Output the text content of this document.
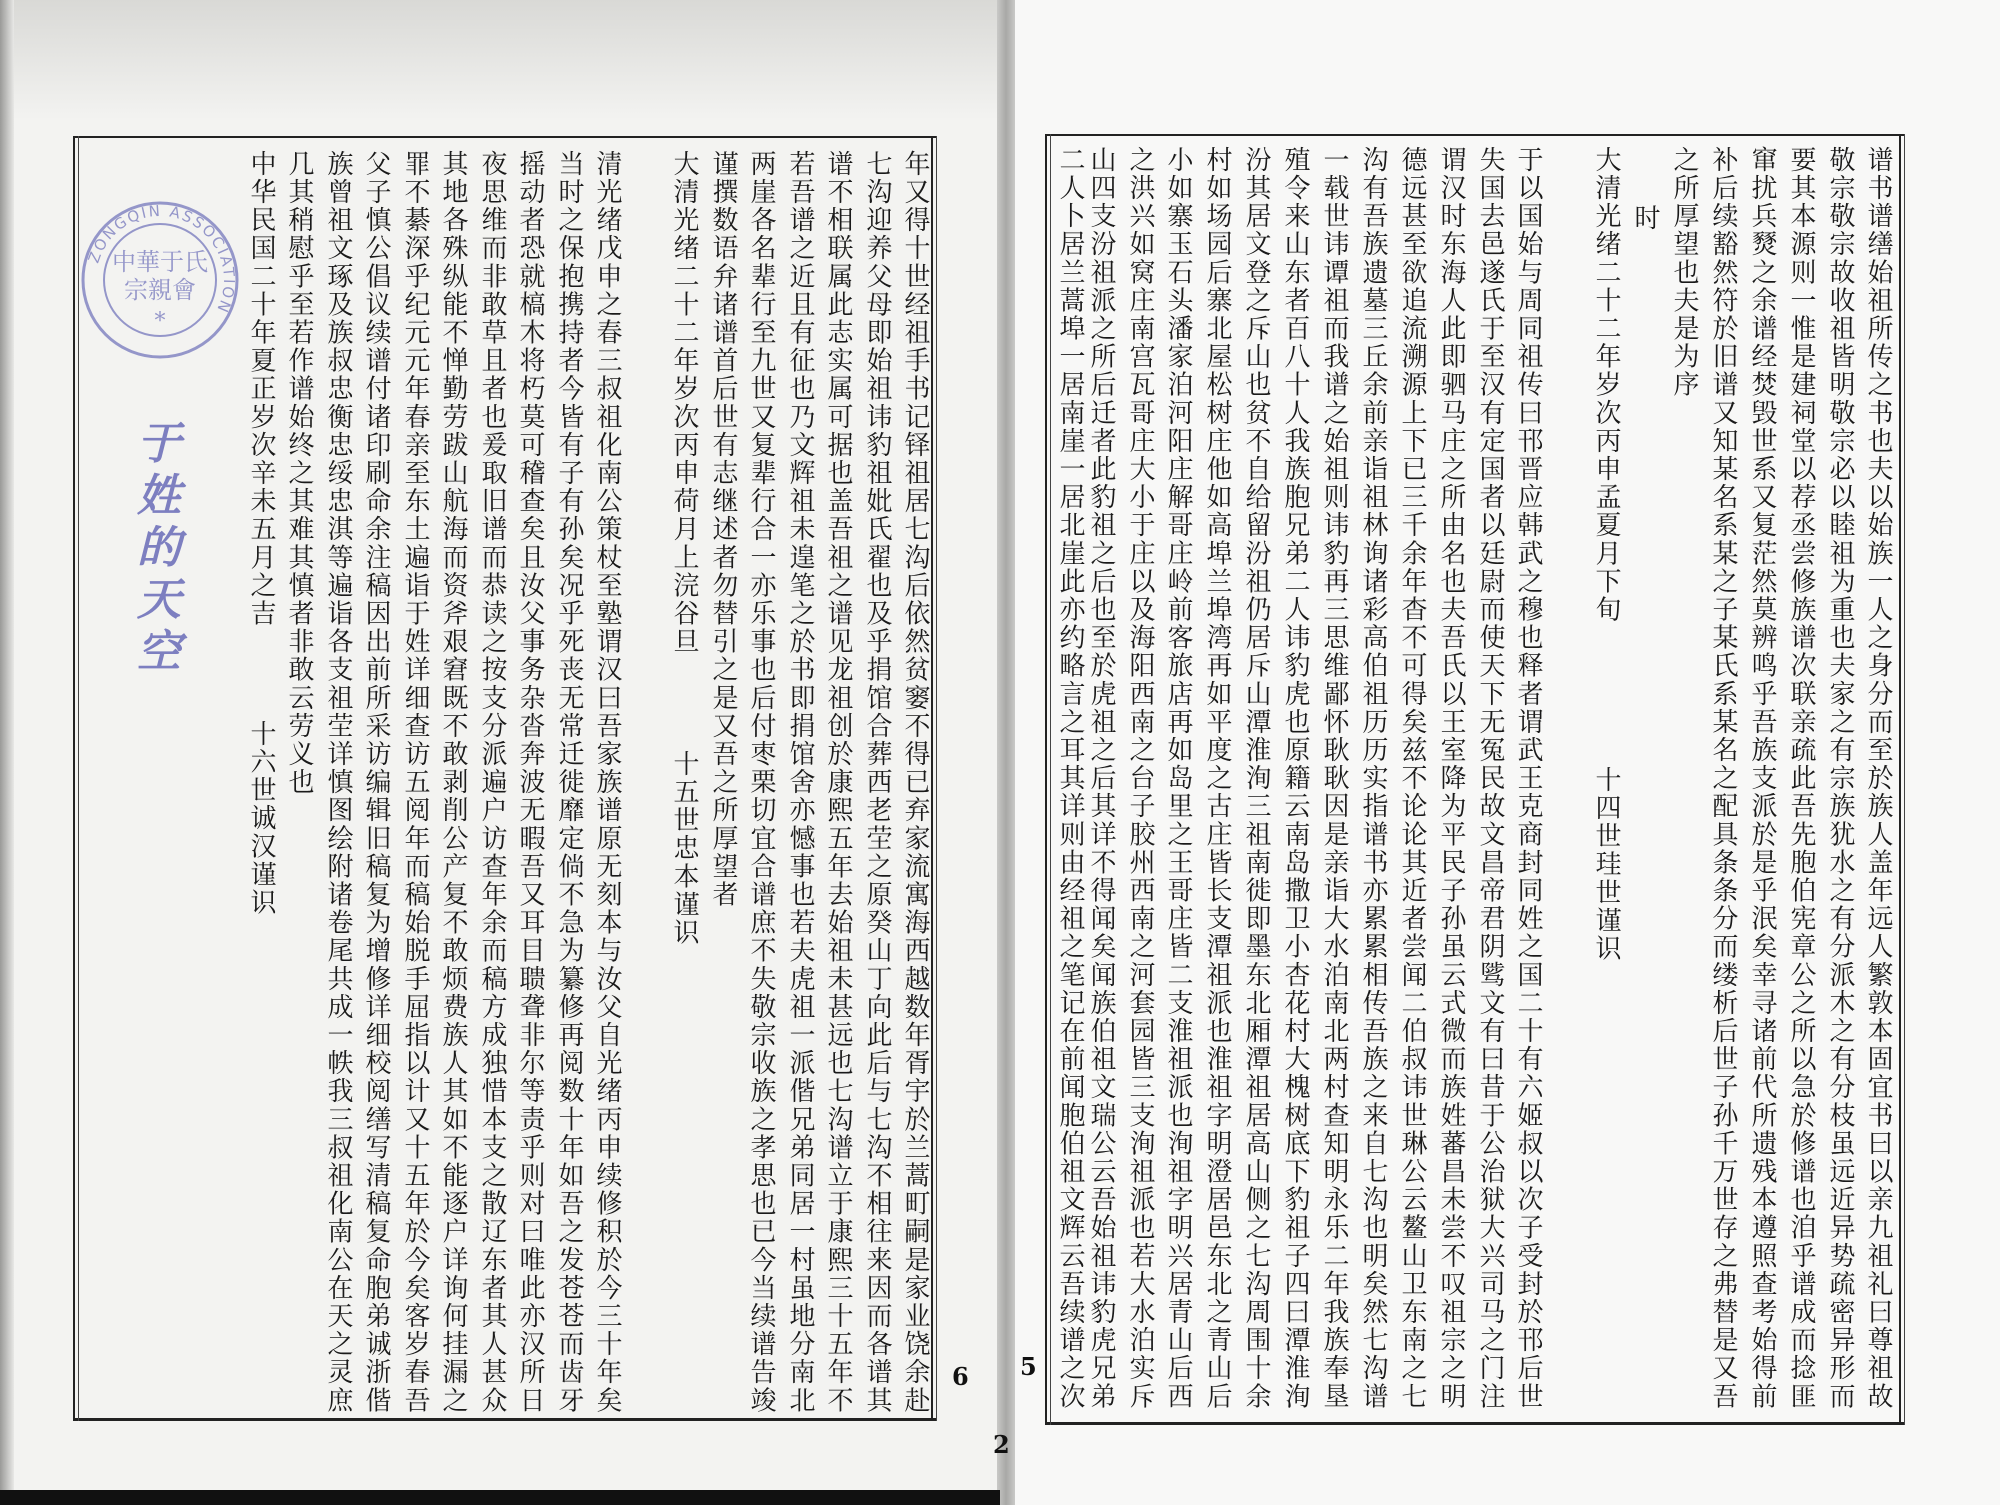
谱书谱缮始祖所传之书也夫以始族一人之身分而至於族人盖年远人繁敦本固宜书曰以亲九祖礼曰尊祖故
敬宗敬宗故收祖皆明敬宗必以睦祖为重也夫家之有宗族犹水之有分派木之有分枝虽远近异势疏密异形而
要其本源则一惟是建祠堂以荐丞尝修族谱次联亲疏此吾先胞伯宪章公之所以急於修谱也洎乎谱成而捻匪
窜扰兵燹之余谱经焚毁世系又复茫然莫辨鸣乎吾族支派於是乎泯矣幸寻诸前代所遗残本遵照查考始得前
补后续豁然符於旧谱又知某名系某之子某氏系某名之配具条条分而缕析后世子孙千万世存之弗替是又吾
之所厚望也夫是为序
时
大清光绪二十二年岁次丙申孟夏月下旬
十四世珪世谨识
于以国始与周同祖传曰邗晋应韩武之穆也释者谓武王克商封同姓之国二十有六姬叔以次子受封於邗后世
失国去邑遂氏于至汉有定国者以廷尉而使天下无冤民故文昌帝君阴骘文有曰昔于公治狱大兴司马之门注
谓汉时东海人此即驷马庄之所由名也夫吾氏以王室降为平民子孙虽云式微而族姓蕃昌未尝不叹祖宗之明
德远甚至欲追流溯源上下已三千余年杳不可得矣兹不论论其近者尝闻二伯叔讳世琳公云鳌山卫东南之七
沟有吾族遗墓三丘余前亲诣祖林询诸彩高伯祖历历实指谱书亦累累相传吾族之来自七沟也明矣然七沟谱
一载世讳谭祖而我谱之始祖则讳豹再三思维鄙怀耿耿因是亲诣大水泊南北两村查知明永乐二年我族奉垦
殖令来山东者百八十人我族胞兄弟二人讳豹虎也原籍云南岛撒卫小杏花村大槐树底下豹祖子四曰潭淮洵
汾其居文登之斥山也贫不自给留汾祖仍居斥山潭淮洵三祖南徙即墨东北厢潭祖居高山侧之七沟周围十余
村如场园后寨北屋松树庄他如高埠兰埠湾再如平度之古庄皆长支潭祖派也淮祖字明澄居邑东北之青山后
小如寨玉石头潘家泊河阳庄解哥庄岭前客旅店再如岛里之王哥庄皆二支淮祖派也洵祖字明兴居青山后西
之洪兴如窝庄南宫瓦哥庄大小于庄以及海阳西南之台子胶州西南之河套园皆三支洵祖派也若大水泊实斥
山四支汾祖派之所后迁者此豹祖之后也至於虎祖之后其详不得闻矣闻族伯祖文瑞公云吾始祖讳豹虎兄弟
二人卜居兰蒿埠一居南崖一居北崖此亦约略言之耳其详则由经祖之笔记在前闻胞伯祖文辉云吾续谱之次
年又得十世经祖手书记铎祖居七沟后依然贫窭不得已弃家流寓海西越数年胥宇於兰蒿町嗣是家业饶余赴
七沟迎养父母即始祖讳豹祖妣氏翟也及乎捐馆合葬西老茔之原癸山丁向此后与七沟不相往来因而各谱其
谱不相联属此志实属可据也盖吾祖之谱见龙祖创於康熙五年去始祖未甚远也七沟谱立于康熙三十五年不
若吾谱之近且有征也乃文辉祖未遑笔之於书即捐馆舍亦憾事也若夫虎祖一派偕兄弟同居一村虽地分南北
两崖各名辈行至九世又复辈行合一亦乐事也后付枣栗切宜合谱庶不失敬宗收族之孝思也已今当续谱告竣
谨撰数语弁诸谱首后世有志继述者勿替引之是又吾之所厚望者
大清光绪二十二年岁次丙申荷月上浣谷旦
十五世忠本谨识
清光绪戊申之春三叔祖化南公策杖至塾谓汉曰吾家族谱原无刻本与汝父自光绪丙申续修积於今三十年矣
当时之保抱携持者今皆有子有孙矣况乎死丧无常迁徙靡定倘不急为纂修再阅数十年如吾之发苍苍而齿牙
摇动者恐就槁木将朽莫可稽查矣且汝父事务杂沓奔波无暇吾又耳目聩聋非尔等责乎则对曰唯此亦汉所日
夜思维而非敢草且者也爰取旧谱而恭读之按支分派遍户访查年余而稿方成独惜本支之散辽东者其人甚众
其地各殊纵能不惮勤劳跋山航海而资斧艰窘既不敢剥削公产复不敢烦费族人其如不能逐户详询何挂漏之
罪不綦深乎纪元元年春亲至东土遍诣于姓详细查访五阅年而稿始脱手屈指以计又十五年於今矣客岁春吾
父子慎公倡议续谱付诸印刷命余注稿因出前所采访编辑旧稿复为增修详细校阅缮写清稿复命胞弟诚浙偕
族曾祖文琢及族叔忠衡忠绥忠淇等遍诣各支祖茔详慎图绘附诸卷尾共成一帙我三叔祖化南公在天之灵庶
几其稍慰乎至若作谱始终之其难其慎者非敢云劳义也
中华民国二十年夏正岁次辛未五月之吉
十六世诚汉谨识
6
2
5
ZONGQIN ASSOCIATION
中華于氏
宗親會
*
于姓的天空
